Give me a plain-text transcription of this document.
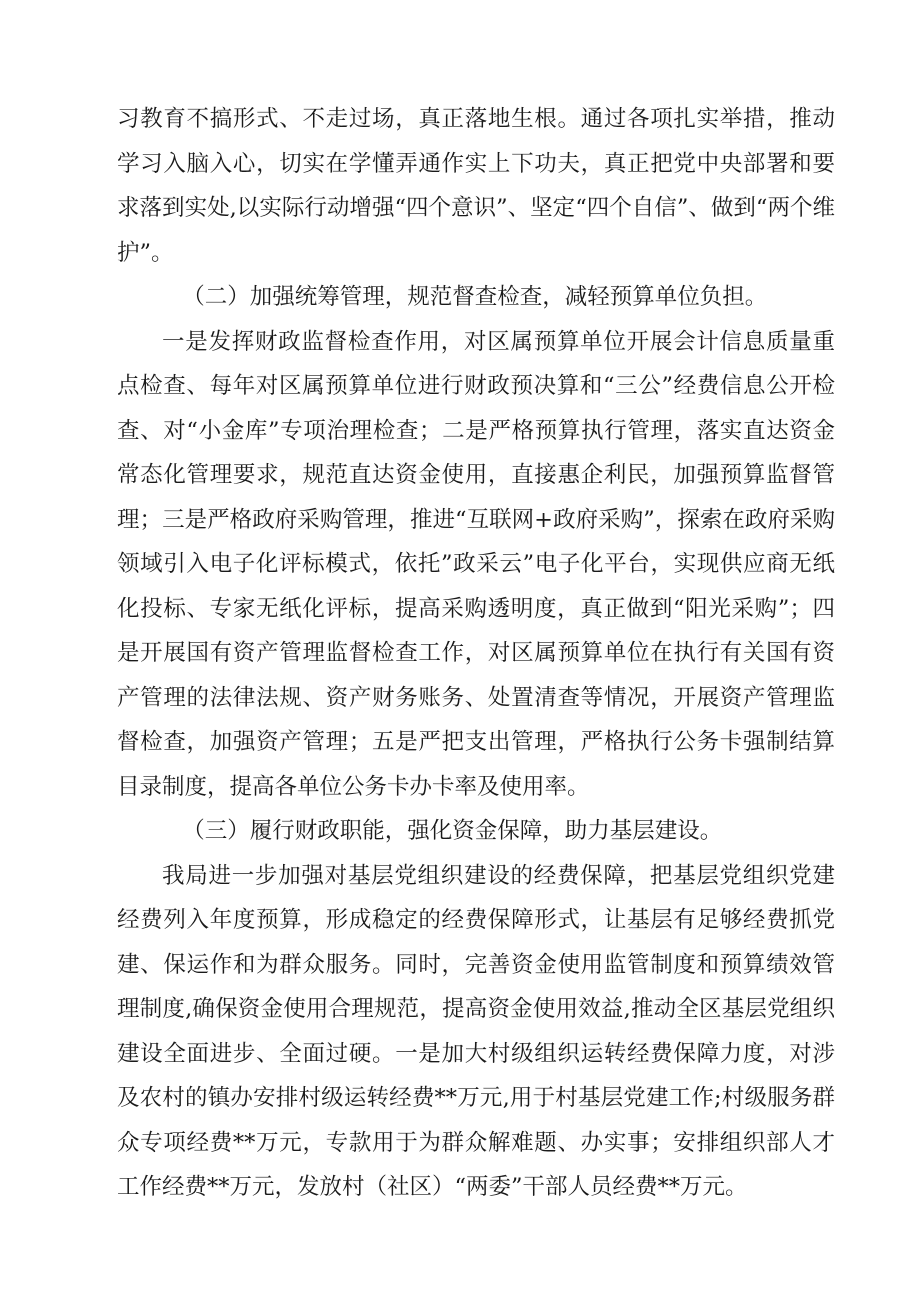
习教育不搞形式、不走过场，真正落地生根。通过各项扎实举措，推动学习入脑入心，切实在学懂弄通作实上下功夫，真正把党中央部署和要求落到实处,以实际行动增强“四个意识”、坚定“四个自信”、做到“两个维护”。

（二）加强统筹管理，规范督查检查，减轻预算单位负担。

一是发挥财政监督检查作用，对区属预算单位开展会计信息质量重点检查、每年对区属预算单位进行财政预决算和“三公”经费信息公开检查、对“小金库”专项治理检查；二是严格预算执行管理，落实直达资金常态化管理要求，规范直达资金使用，直接惠企利民，加强预算监督管理；三是严格政府采购管理，推进“互联网+政府采购”，探索在政府采购领域引入电子化评标模式，依托”政采云”电子化平台，实现供应商无纸化投标、专家无纸化评标，提高采购透明度，真正做到“阳光采购”；四是开展国有资产管理监督检查工作，对区属预算单位在执行有关国有资产管理的法律法规、资产财务账务、处置清查等情况，开展资产管理监督检查，加强资产管理；五是严把支出管理，严格执行公务卡强制结算目录制度，提高各单位公务卡办卡率及使用率。

（三）履行财政职能，强化资金保障，助力基层建设。

我局进一步加强对基层党组织建设的经费保障，把基层党组织党建经费列入年度预算，形成稳定的经费保障形式，让基层有足够经费抓党建、保运作和为群众服务。同时，完善资金使用监管制度和预算绩效管理制度,确保资金使用合理规范，提高资金使用效益,推动全区基层党组织建设全面进步、全面过硬。一是加大村级组织运转经费保障力度，对涉及农村的镇办安排村级运转经费**万元,用于村基层党建工作;村级服务群众专项经费**万元，专款用于为群众解难题、办实事；安排组织部人才工作经费**万元，发放村（社区）“两委”干部人员经费**万元。
